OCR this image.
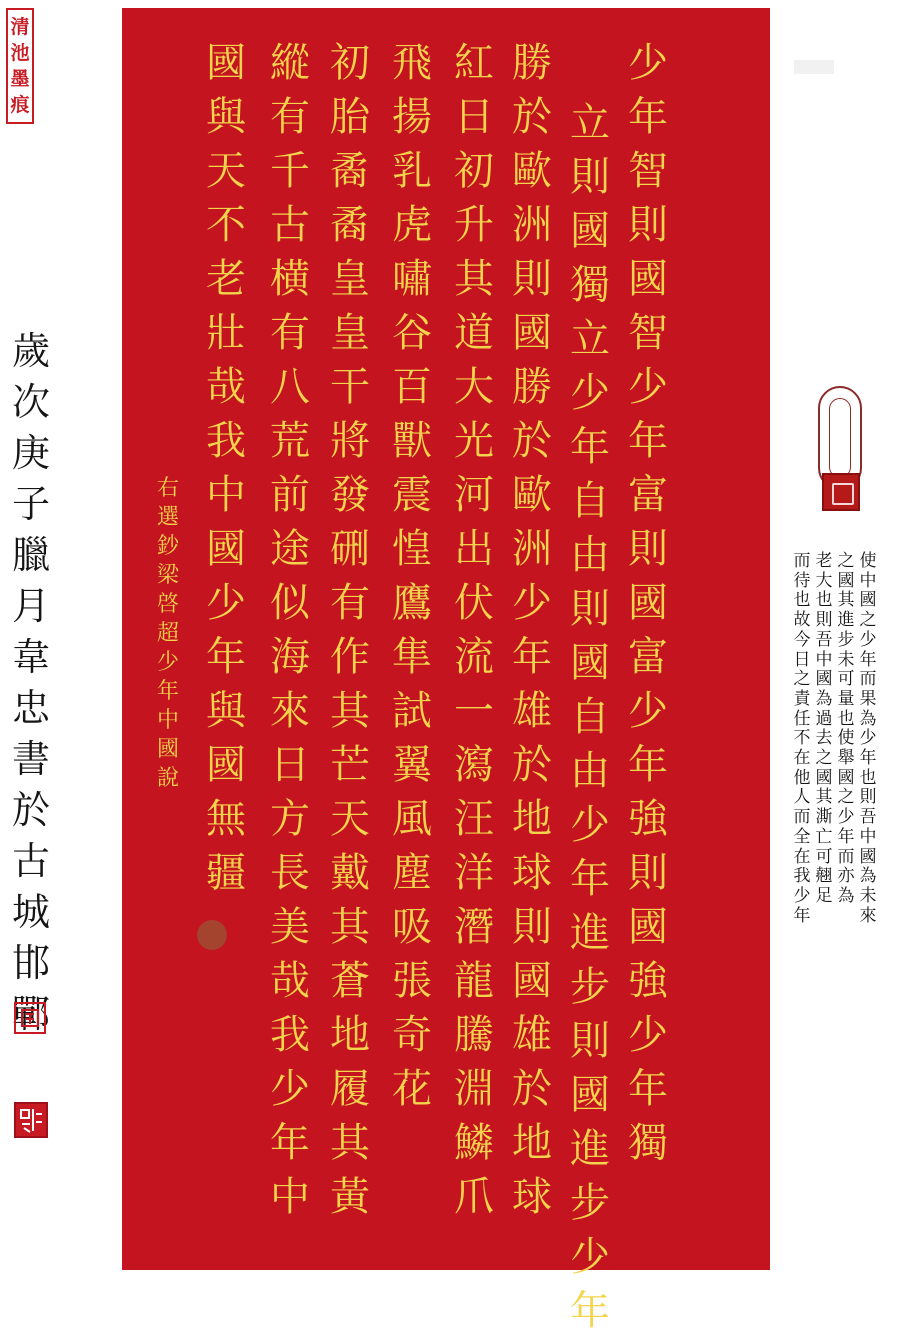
清
池
墨
痕
歲
次
庚
子
臘
月
韋
忠
書
於
古
城
邯
鄲
使
中
國
之
少
年
而
果
為
少
年
也
則
吾
中
國
為
未
來
之
國
其
進
步
未
可
量
也
使
舉
國
之
少
年
而
亦
為
老
大
也
則
吾
中
國
為
過
去
之
國
其
澌
亡
可
翹
足
而
待
也
故
今
日
之
責
任
不
在
他
人
而
全
在
我
少
年
少
年
智
則
國
智
少
年
富
則
國
富
少
年
強
則
國
強
少
年
獨
立
則
國
獨
立
少
年
自
由
則
國
自
由
少
年
進
步
則
國
進
步
少
年
勝
於
歐
洲
則
國
勝
於
歐
洲
少
年
雄
於
地
球
則
國
雄
於
地
球
紅
日
初
升
其
道
大
光
河
出
伏
流
一
瀉
汪
洋
潛
龍
騰
淵
鱗
爪
飛
揚
乳
虎
嘯
谷
百
獸
震
惶
鷹
隼
試
翼
風
塵
吸
張
奇
花
初
胎
矞
矞
皇
皇
干
將
發
硎
有
作
其
芒
天
戴
其
蒼
地
履
其
黃
縱
有
千
古
横
有
八
荒
前
途
似
海
來
日
方
長
美
哉
我
少
年
中
國
與
天
不
老
壯
哉
我
中
國
少
年
與
國
無
疆
右
選
鈔
梁
啓
超
少
年
中
國
說
